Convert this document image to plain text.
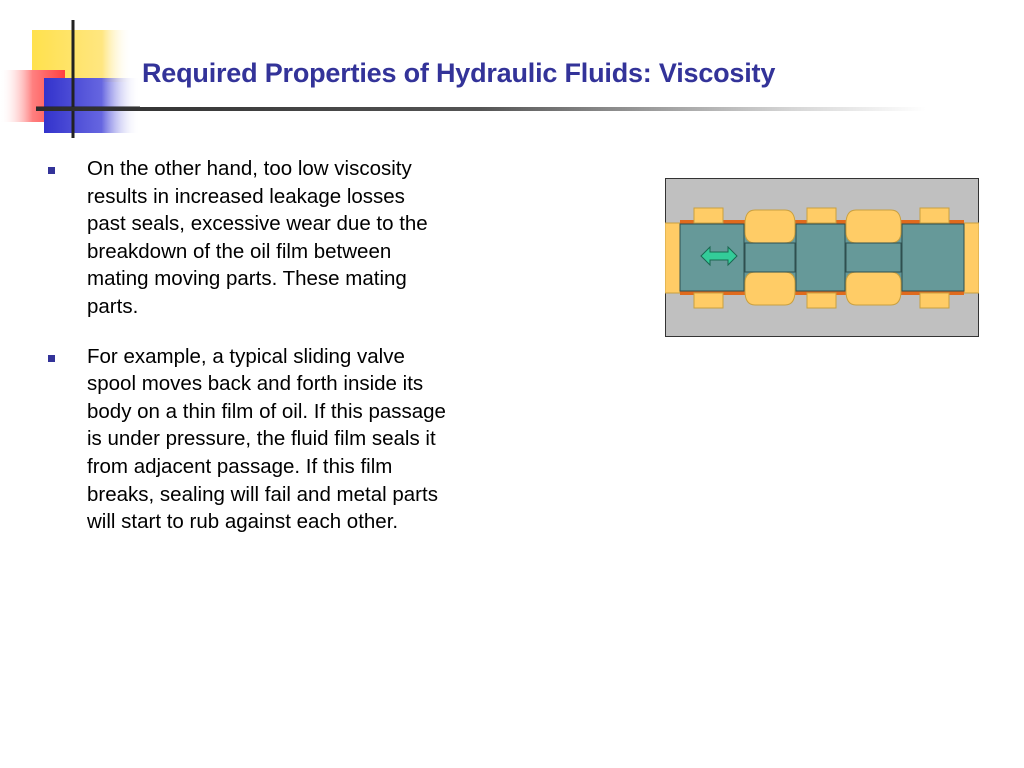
Required Properties of Hydraulic Fluids: Viscosity
On the other hand, too low viscosity results in increased leakage losses past seals, excessive wear due to the breakdown of the oil film between mating moving parts. These mating parts.
For example, a typical sliding valve spool moves back and forth inside its body on a thin film of oil. If this passage is under pressure, the fluid film seals it from adjacent passage. If this film breaks, sealing will fail and metal parts will start to rub against each other.
